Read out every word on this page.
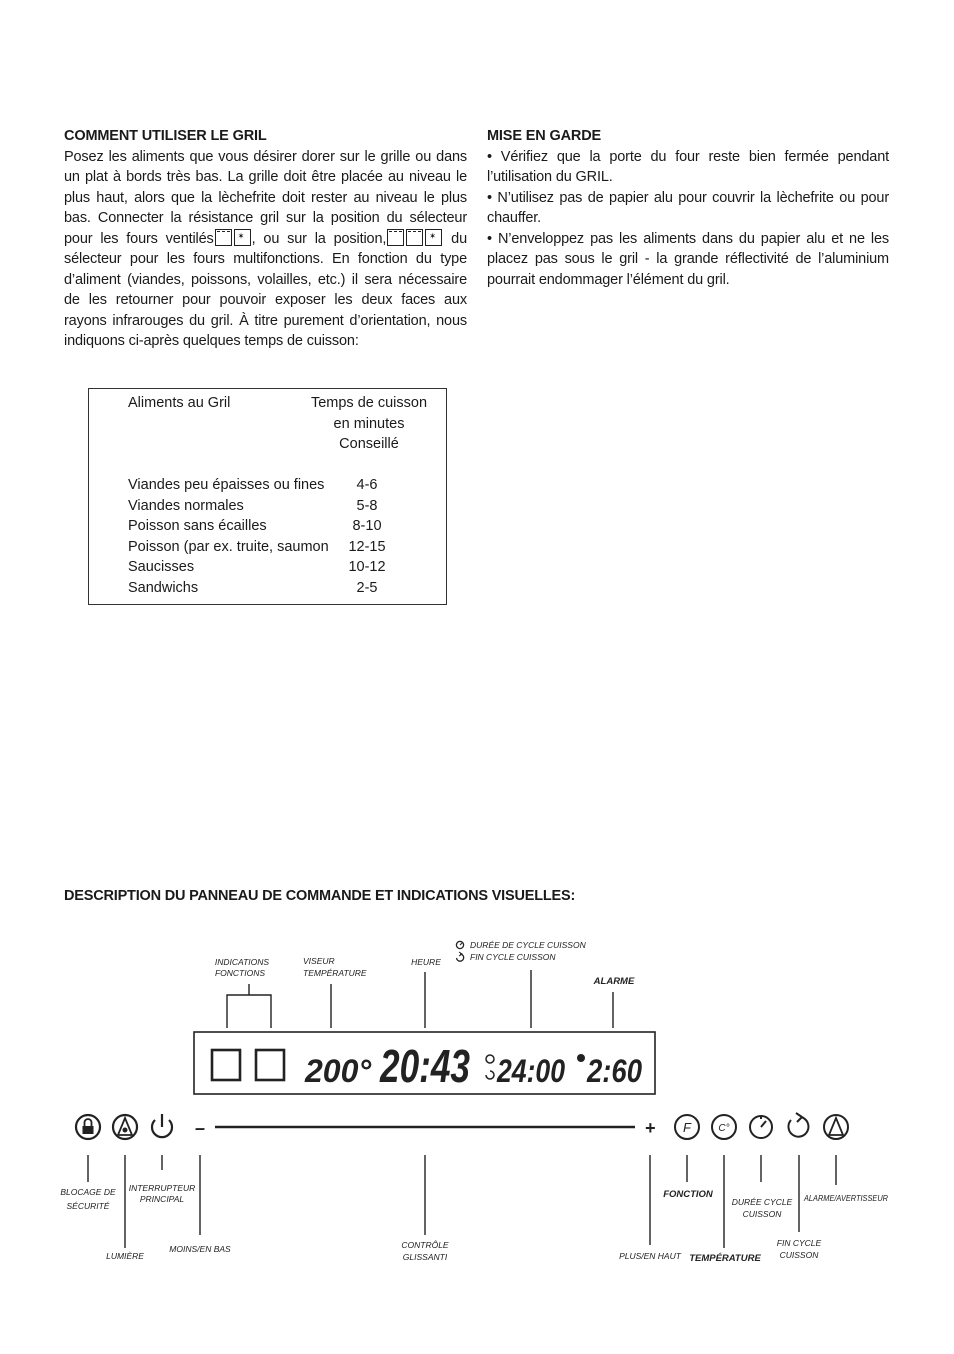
COMMENT UTILISER LE GRIL
Posez les aliments que vous désirer dorer sur le grille ou dans un plat à bords très bas. La grille doit être placée au niveau le plus haut, alors que la lèchefrite doit rester au niveau le plus bas. Connecter la résistance gril sur la position du sélecteur pour les fours ventilés ✶	, ou sur la position, ✶	du sélecteur pour les fours multifonctions. En fonction du type d’aliment (viandes, poissons, volailles, etc.) il sera nécessaire de les retourner pour pouvoir exposer les deux faces aux rayons infrarouges du gril. À titre purement d’orientation, nous indiquons ci-après quelques temps de cuisson:
MISE EN GARDE

• Vérifiez que la porte du four reste bien fermée pendant l’utilisation du GRIL.

• N’utilisez pas de papier alu pour couvrir la lèchefrite ou pour chauffer.

• N’enveloppez pas les aliments dans du papier alu et ne les placez pas sous le gril - la grande réflectivité de l’aluminium pourrait endommager l’élément du gril.

Aliments au Gril	Temps de cuisson
en minutes
Conseillé
Viandes peu épaisses ou fines	4-6
Viandes normales	5-8
Poisson sans écailles	8-10
Poisson (par ex. truite, saumon	12-15
Saucisses	10-12
Sandwichs	2-5
DESCRIPTION DU PANNEAU DE COMMANDE ET INDICATIONS VISUELLES:
INDICATIONS
FONCTIONS
VISEUR
TEMPÉRATURE
HEURE
DURÉE DE CYCLE CUISSON
FIN CYCLE CUISSON
ALARME
200° 20:43 24:00 2:60
–	+ F	C°
BLOCAGE DE
SÉCURITÉ
LUMIÈRE
INTERRUPTEUR
PRINCIPAL
MOINS/EN BAS	CONTRÔLE
GLISSANTI	PLUS/EN HAUT
FONCTION
TEMPÉRATURE
DURÉE CYCLE
CUISSON
FIN CYCLE
CUISSON
ALARME/AVERTISSEUR
